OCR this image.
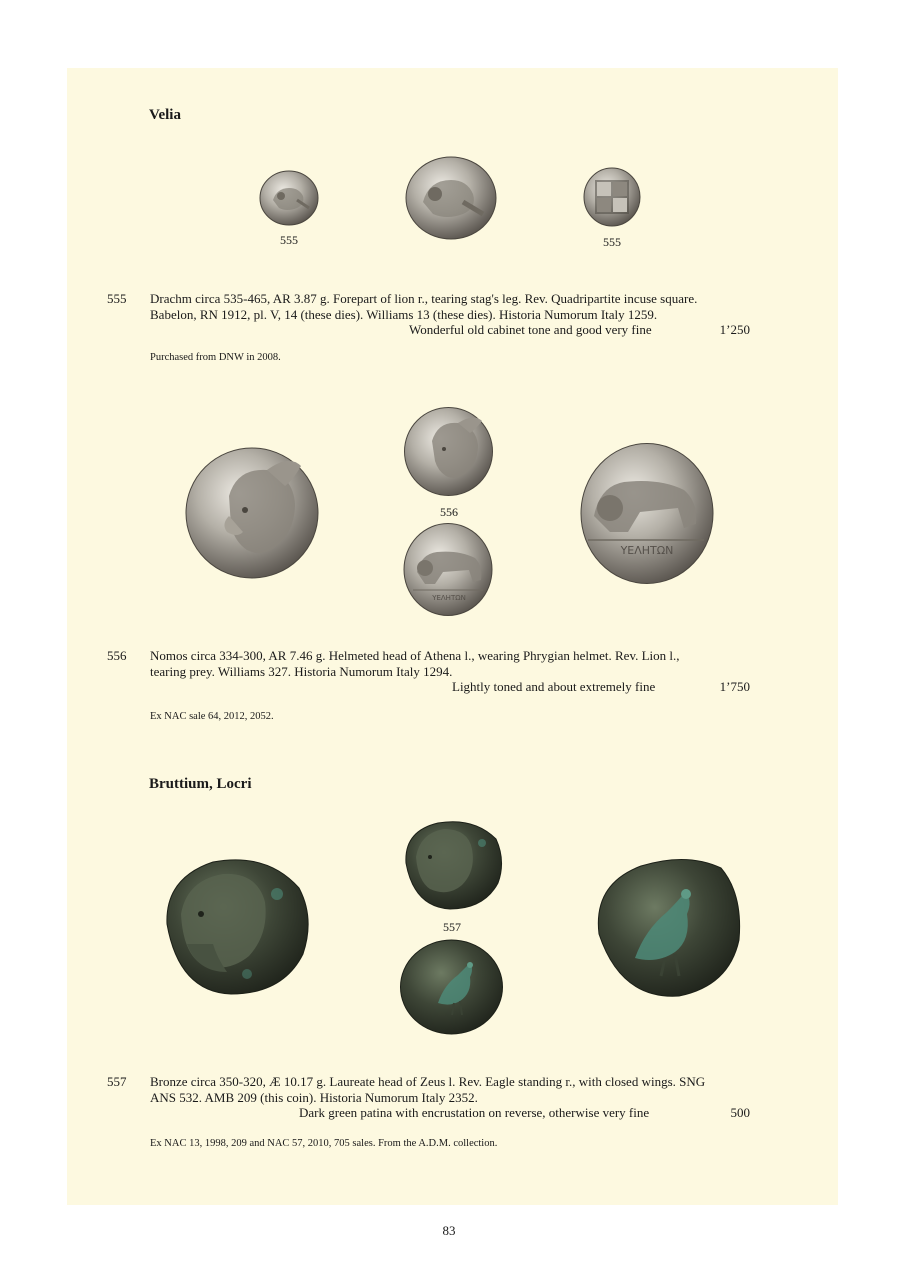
Velia
555	555
555 Drachm circa 535-465, AR 3.87 g. Forepart of lion r., tearing stag's leg. Rev. Quadripartite incuse square.
Babelon, RN 1912, pl. V, 14 (these dies). Williams 13 (these dies). Historia Numorum Italy 1259.
Wonderful old cabinet tone and good very fine	1’250
Purchased from DNW in 2008.
556
YΕΛΗΤΩΝ
YΕΛΗΤΩΝ
556 Nomos circa 334-300, AR 7.46 g. Helmeted head of Athena l., wearing Phrygian helmet. Rev. Lion l.,
tearing prey. Williams 327. Historia Numorum Italy 1294.
Lightly toned and about extremely fine	1’750
Ex NAC sale 64, 2012, 2052.
Bruttium, Locri
557
557 Bronze circa 350-320, Æ 10.17 g. Laureate head of Zeus l. Rev. Eagle standing r., with closed wings. SNG
ANS 532. AMB 209 (this coin). Historia Numorum Italy 2352.
Dark green patina with encrustation on reverse, otherwise very fine	500
Ex NAC 13, 1998, 209 and NAC 57, 2010, 705 sales. From the A.D.M. collection.
83
